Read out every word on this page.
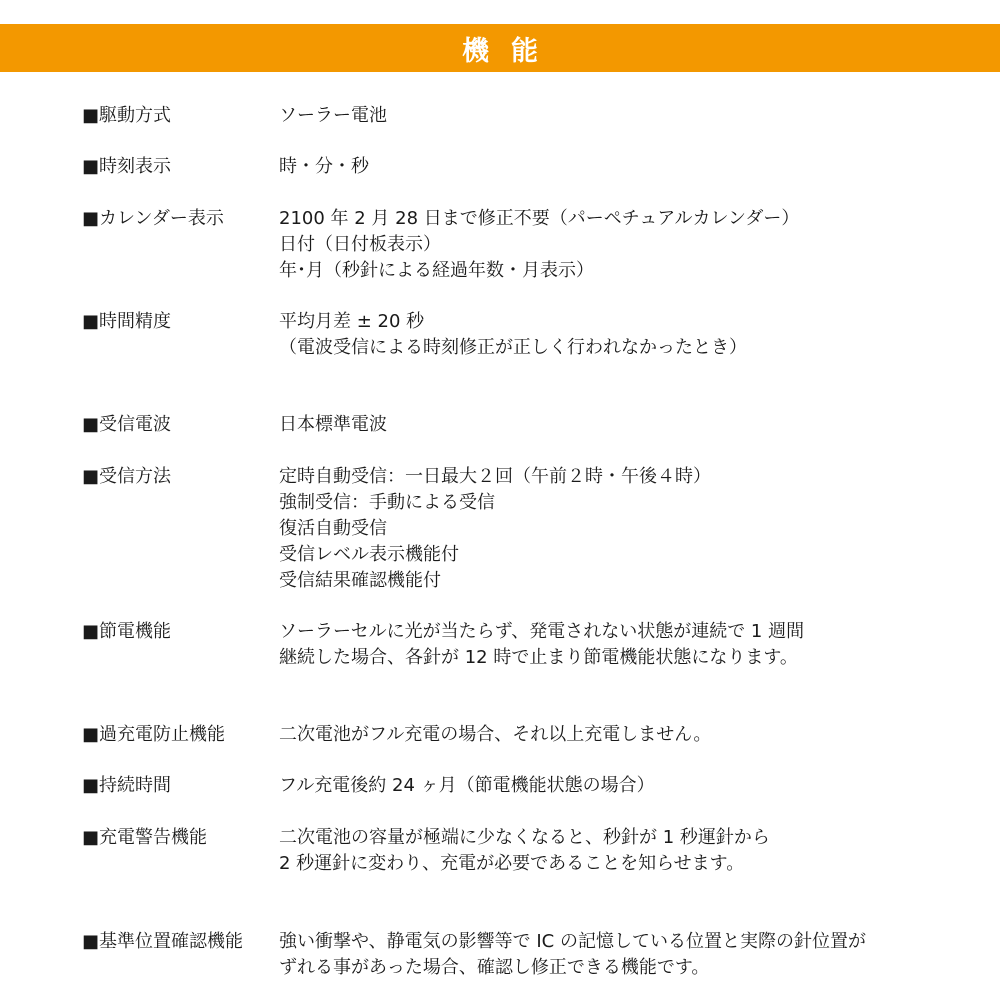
機能
■駆動方式	ソーラー電池
■時刻表示	時・分・秒
■カレンダー表示	2100 年 2 月 28 日まで修正不要（パーペチュアルカレンダー）
日付（日付板表示）
年･月（秒針による経過年数・月表示）
■時間精度	平均月差 ± 20 秒
（電波受信による時刻修正が正しく行われなかったとき）
■受信電波	日本標準電波
■受信方法	定時自動受信：一日最大２回（午前２時・午後４時）
強制受信：手動による受信
復活自動受信
受信レベル表示機能付
受信結果確認機能付
■節電機能	ソーラーセルに光が当たらず、発電されない状態が連続で 1 週間
継続した場合、各針が 12 時で止まり節電機能状態になります。
■過充電防止機能	二次電池がフル充電の場合、それ以上充電しません。
■持続時間	フル充電後約 24 ヶ月（節電機能状態の場合）
■充電警告機能	二次電池の容量が極端に少なくなると、秒針が 1 秒運針から
2 秒運針に変わり、充電が必要であることを知らせます。
■基準位置確認機能 強い衝撃や、静電気の影響等で IC の記憶している位置と実際の針位置が
ずれる事があった場合、確認し修正できる機能です。
